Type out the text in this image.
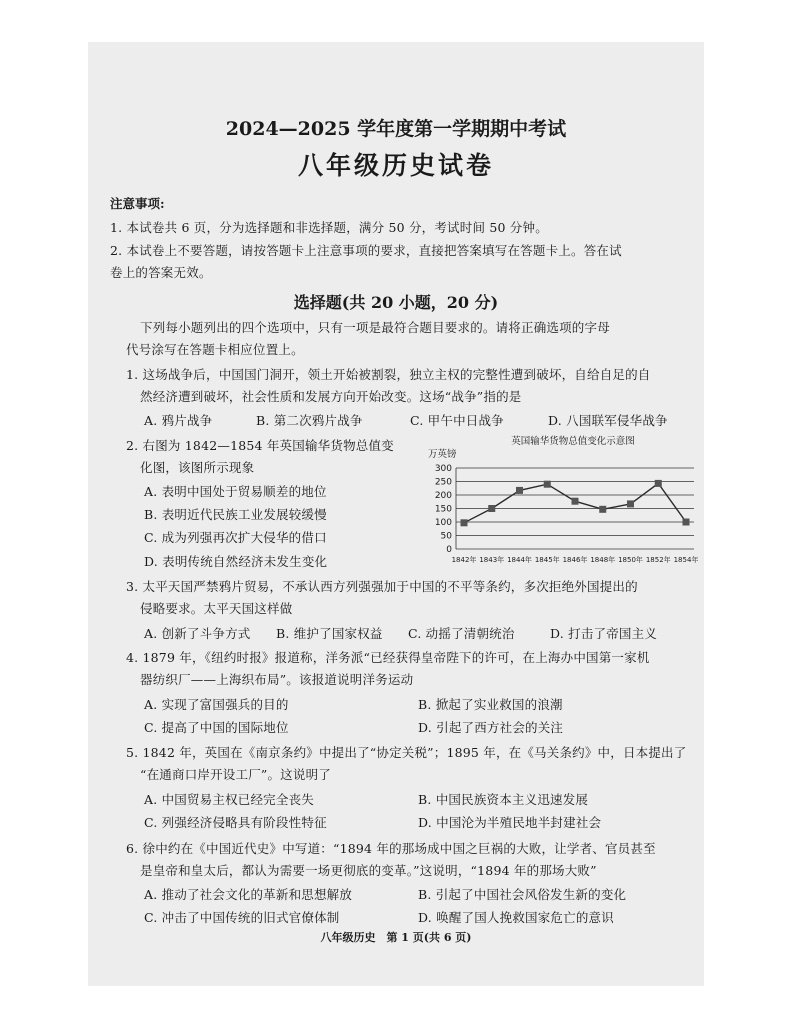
2024—2025 学年度第一学期期中考试
八年级历史试卷
注意事项:
1. 本试卷共 6 页，分为选择题和非选择题，满分 50 分，考试时间 50 分钟。
2. 本试卷上不要答题，请按答题卡上注意事项的要求，直接把答案填写在答题卡上。答在试
卷上的答案无效。
选择题(共 20 小题，20 分)
下列每小题列出的四个选项中，只有一项是最符合题目要求的。请将正确选项的字母
代号涂写在答题卡相应位置上。
1. 这场战争后，中国国门洞开，领土开始被割裂，独立主权的完整性遭到破坏，自给自足的自
然经济遭到破坏，社会性质和发展方向开始改变。这场“战争”指的是
A. 鸦片战争	B. 第二次鸦片战争	C. 甲午中日战争	D. 八国联军侵华战争
2. 右图为 1842—1854 年英国输华货物总值变
化图，该图所示现象
A. 表明中国处于贸易顺差的地位
B. 表明近代民族工业发展较缓慢
C. 成为列强再次扩大侵华的借口
D. 表明传统自然经济未发生变化
英国输华货物总值变化示意图
万英镑
0
50
100
150
200
250
300
1842年 1843年 1844年 1845年 1846年 1848年 1850年 1852年 1854年
3. 太平天国严禁鸦片贸易，不承认西方列强强加于中国的不平等条约，多次拒绝外国提出的
侵略要求。太平天国这样做
A. 创新了斗争方式 B. 维护了国家权益 C. 动摇了清朝统治	D. 打击了帝国主义
4. 1879 年，《纽约时报》报道称，洋务派“已经获得皇帝陛下的许可，在上海办中国第一家机
器纺织厂——上海织布局”。该报道说明洋务运动
A. 实现了富国强兵的目的	B. 掀起了实业救国的浪潮
C. 提高了中国的国际地位	D. 引起了西方社会的关注
5. 1842 年，英国在《南京条约》中提出了“协定关税”；1895 年，在《马关条约》中，日本提出了
“在通商口岸开设工厂”。这说明了
A. 中国贸易主权已经完全丧失	B. 中国民族资本主义迅速发展
C. 列强经济侵略具有阶段性特征	D. 中国沦为半殖民地半封建社会
6. 徐中约在《中国近代史》中写道：“1894 年的那场成中国之巨祸的大败，让学者、官员甚至
是皇帝和皇太后，都认为需要一场更彻底的变革。”这说明，“1894 年的那场大败”
A. 推动了社会文化的革新和思想解放	B. 引起了中国社会风俗发生新的变化
C. 冲击了中国传统的旧式官僚体制	D. 唤醒了国人挽救国家危亡的意识
八年级历史　第 1 页(共 6 页)
